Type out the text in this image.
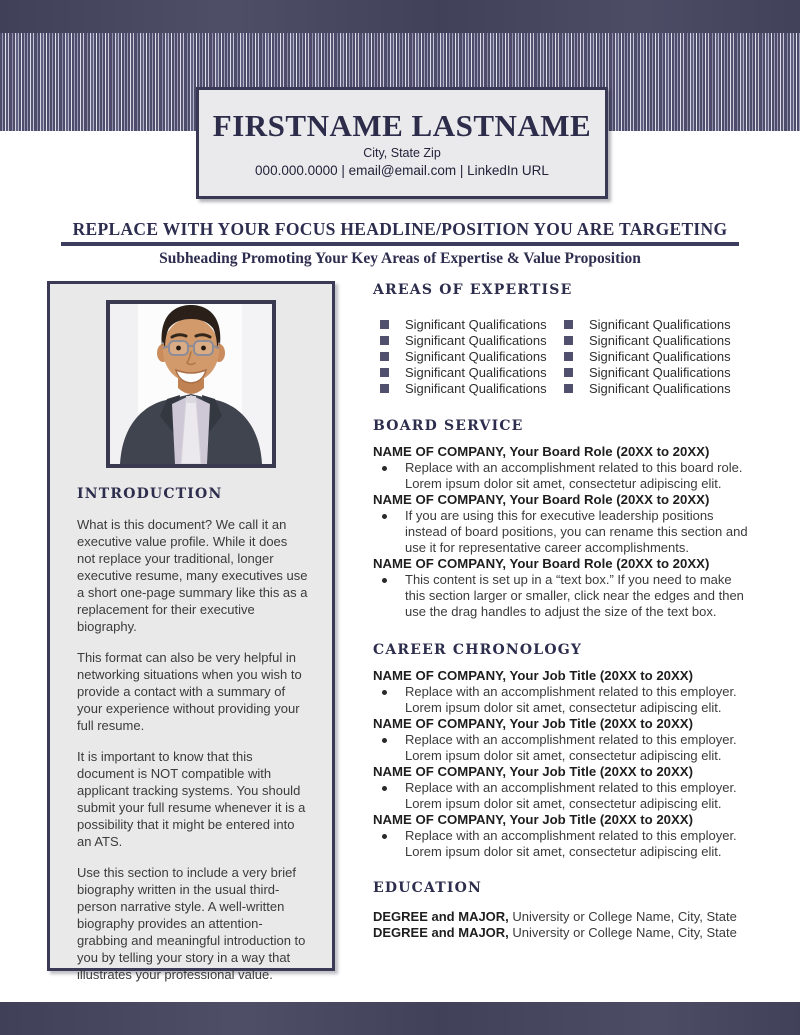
FIRSTNAME LASTNAME
City, State Zip
000.000.0000 | email@email.com | LinkedIn URL
REPLACE WITH YOUR FOCUS HEADLINE/POSITION YOU ARE TARGETING
Subheading Promoting Your Key Areas of Expertise & Value Proposition
INTRODUCTION
What is this document? We call it an executive value profile. While it does not replace your traditional, longer executive resume, many executives use a short one-page summary like this as a replacement for their executive biography.
This format can also be very helpful in networking situations when you wish to provide a contact with a summary of your experience without providing your full resume.
It is important to know that this document is NOT compatible with applicant tracking systems. You should submit your full resume whenever it is a possibility that it might be entered into an ATS.
Use this section to include a very brief biography written in the usual third-person narrative style. A well-written biography provides an attention-grabbing and meaningful introduction to you by telling your story in a way that illustrates your professional value.
AREAS OF EXPERTISE
Significant Qualifications	Significant Qualifications
Significant Qualifications	Significant Qualifications
Significant Qualifications	Significant Qualifications
Significant Qualifications	Significant Qualifications
Significant Qualifications	Significant Qualifications
BOARD SERVICE
NAME OF COMPANY, Your Board Role (20XX to 20XX)
Replace with an accomplishment related to this board role.
Lorem ipsum dolor sit amet, consectetur adipiscing elit.
NAME OF COMPANY, Your Board Role (20XX to 20XX)
If you are using this for executive leadership positions
instead of board positions, you can rename this section and
use it for representative career accomplishments.
NAME OF COMPANY, Your Board Role (20XX to 20XX)
This content is set up in a “text box.” If you need to make
this section larger or smaller, click near the edges and then
use the drag handles to adjust the size of the text box.
CAREER CHRONOLOGY
NAME OF COMPANY, Your Job Title (20XX to 20XX)
Replace with an accomplishment related to this employer.
Lorem ipsum dolor sit amet, consectetur adipiscing elit.
NAME OF COMPANY, Your Job Title (20XX to 20XX)
Replace with an accomplishment related to this employer.
Lorem ipsum dolor sit amet, consectetur adipiscing elit.
NAME OF COMPANY, Your Job Title (20XX to 20XX)
Replace with an accomplishment related to this employer.
Lorem ipsum dolor sit amet, consectetur adipiscing elit.
NAME OF COMPANY, Your Job Title (20XX to 20XX)
Replace with an accomplishment related to this employer.
Lorem ipsum dolor sit amet, consectetur adipiscing elit.
EDUCATION
DEGREE and MAJOR, University or College Name, City, State
DEGREE and MAJOR, University or College Name, City, State
